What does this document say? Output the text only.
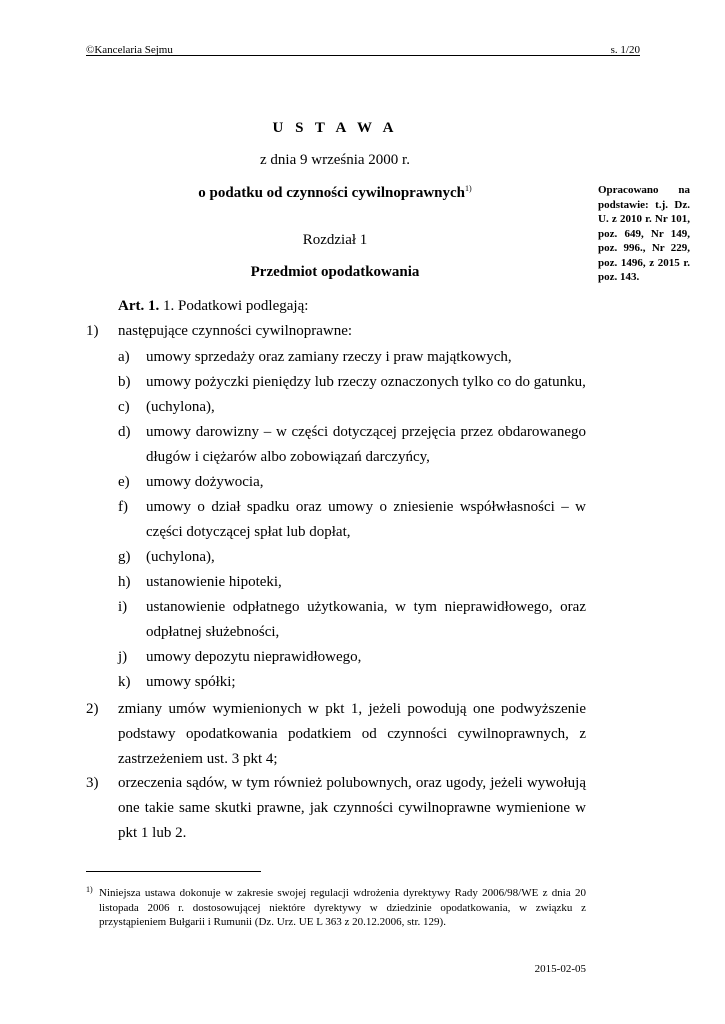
©Kancelaria Sejmu	s. 1/20
U S T A W A
z dnia 9 września 2000 r.
o podatku od czynności cywilnoprawnych$^{1)}$	Opracowano na podstawie: t.j. Dz. U. z 2010 r. Nr 101, poz. 649, Nr 149, poz. 996., Nr 229, poz. 1496, z 2015 r. poz. 143.
Rozdział 1
Przedmiot opodatkowania
Art. 1. 1. Podatkowi podlegają:
1)	następujące czynności cywilnoprawne:
a)	umowy sprzedaży oraz zamiany rzeczy i praw majątkowych,
b)	umowy pożyczki pieniędzy lub rzeczy oznaczonych tylko co do gatunku,
c)	(uchylona),
d)	umowy darowizny – w części dotyczącej przejęcia przez obdarowanego długów i ciężarów albo zobowiązań darczyńcy,
e)	umowy dożywocia,
f)	umowy o dział spadku oraz umowy o zniesienie współwłasności – w części dotyczącej spłat lub dopłat,
g)	(uchylona),
h)	ustanowienie hipoteki,
i)	ustanowienie odpłatnego użytkowania, w tym nieprawidłowego, oraz odpłatnej służebności,
j)	umowy depozytu nieprawidłowego,
k)	umowy spółki;
2)	zmiany umów wymienionych w pkt 1, jeżeli powodują one podwyższenie podstawy opodatkowania podatkiem od czynności cywilnoprawnych, z zastrzeżeniem ust. 3 pkt 4;
3)	orzeczenia sądów, w tym również polubownych, oraz ugody, jeżeli wywołują one takie same skutki prawne, jak czynności cywilnoprawne wymienione w pkt 1 lub 2.
1) Niniejsza ustawa dokonuje w zakresie swojej regulacji wdrożenia dyrektywy Rady 2006/98/WE z dnia 20 listopada 2006 r. dostosowującej niektóre dyrektywy w dziedzinie opodatkowania, w związku z przystąpieniem Bułgarii i Rumunii (Dz. Urz. UE L 363 z 20.12.2006, str. 129).
2015-02-05
